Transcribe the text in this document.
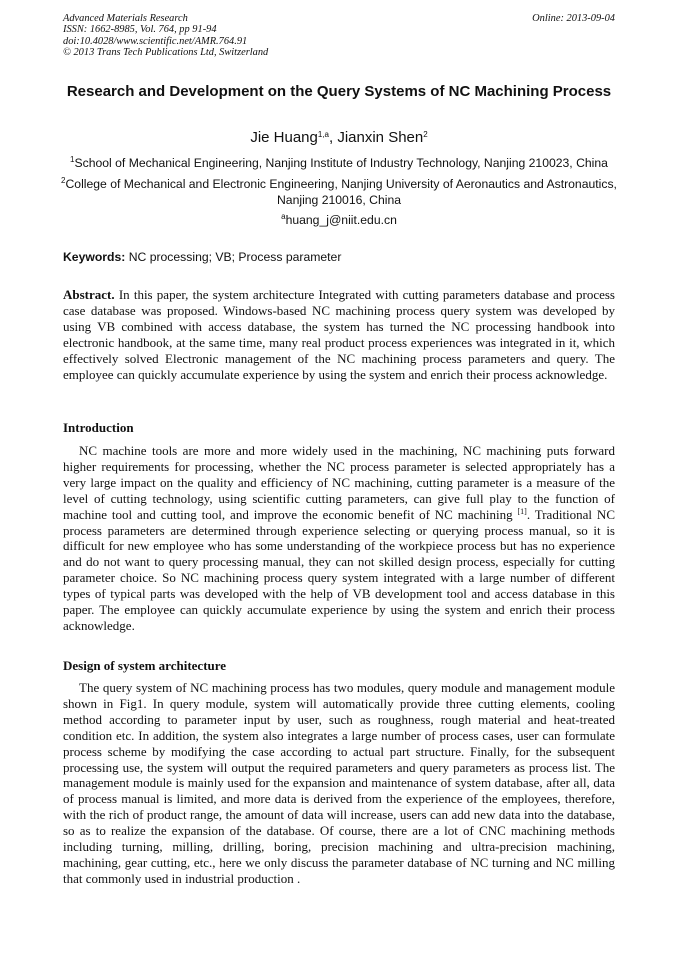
Advanced Materials Research
ISSN: 1662-8985, Vol. 764, pp 91-94
doi:10.4028/www.scientific.net/AMR.764.91
© 2013 Trans Tech Publications Ltd, Switzerland
Online: 2013-09-04
Research and Development on the Query Systems of NC Machining Process
Jie Huang$^{1,a}$, Jianxin Shen$^2$
$^1$School of Mechanical Engineering, Nanjing Institute of Industry Technology, Nanjing 210023, China
$^2$College of Mechanical and Electronic Engineering, Nanjing University of Aeronautics and Astronautics, Nanjing 210016, China
$^a$huang_j@niit.edu.cn
Keywords: NC processing; VB; Process parameter
Abstract. In this paper, the system architecture Integrated with cutting parameters database and process case database was proposed. Windows-based NC machining process query system was developed by using VB combined with access database, the system has turned the NC processing handbook into electronic handbook, at the same time, many real product process experiences was integrated in it, which effectively solved Electronic management of the NC machining process parameters and query. The employee can quickly accumulate experience by using the system and enrich their process acknowledge.
Introduction
NC machine tools are more and more widely used in the machining, NC machining puts forward higher requirements for processing, whether the NC process parameter is selected appropriately has a very large impact on the quality and efficiency of NC machining, cutting parameter is a measure of the level of cutting technology, using scientific cutting parameters, can give full play to the function of machine tool and cutting tool, and improve the economic benefit of NC machining [1]. Traditional NC process parameters are determined through experience selecting or querying process manual, so it is difficult for new employee who has some understanding of the workpiece process but has no experience and do not want to query processing manual, they can not skilled design process, especially for cutting parameter choice. So NC machining process query system integrated with a large number of different types of typical parts was developed with the help of VB development tool and access database in this paper. The employee can quickly accumulate experience by using the system and enrich their process acknowledge.
Design of system architecture
The query system of NC machining process has two modules, query module and management module shown in Fig1. In query module, system will automatically provide three cutting elements, cooling method according to parameter input by user, such as roughness, rough material and heat-treated condition etc. In addition, the system also integrates a large number of process cases, user can formulate process scheme by modifying the case according to actual part structure. Finally, for the subsequent processing use, the system will output the required parameters and query parameters as process list. The management module is mainly used for the expansion and maintenance of system database, after all, data of process manual is limited, and more data is derived from the experience of the employees, therefore, with the rich of product range, the amount of data will increase, users can add new data into the database, so as to realize the expansion of the database. Of course, there are a lot of CNC machining methods including turning, milling, drilling, boring, precision machining and ultra-precision machining, machining, gear cutting, etc., here we only discuss the parameter database of NC turning and NC milling that commonly used in industrial production .
